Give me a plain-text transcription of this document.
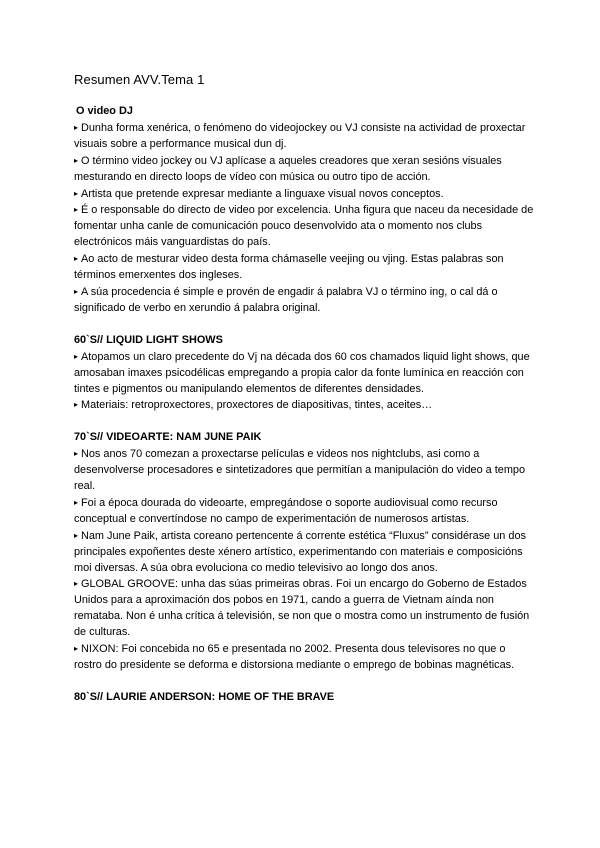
Resumen AVV.Tema 1
O video DJ
▸ Dunha forma xenérica, o fenómeno do videojockey ou VJ consiste na actividad de proxectar visuais sobre a performance musical dun dj.
▸ O término video jockey ou VJ aplícase a aqueles creadores que xeran sesións visuales mesturando en directo loops de vídeo con música ou outro tipo de acción.
▸ Artista que pretende expresar mediante a linguaxe visual novos conceptos.
▸ É o responsable do directo de video por excelencia. Unha figura que naceu da necesidade de fomentar unha canle de comunicación pouco desenvolvido ata o momento nos clubs electrónicos máis vanguardistas do país.
▸ Ao acto de mesturar video desta forma chámaselle veejing ou vjing. Estas palabras son términos emerxentes dos ingleses.
▸ A súa procedencia é simple e provén de engadir á palabra VJ o término ing, o cal dá o significado de verbo en xerundio á palabra original.
60`S// LIQUID LIGHT SHOWS
▸ Atopamos un claro precedente do Vj na década dos 60 cos chamados liquid light shows, que amosaban imaxes psicodélicas empregando a propia calor da fonte lumínica en reacción con tintes e pigmentos ou manipulando elementos de diferentes densidades.
▸ Materiais: retroproxectores, proxectores de diapositivas, tintes, aceites…
70`S// VIDEOARTE: NAM JUNE PAIK
▸ Nos anos 70 comezan a proxectarse películas e videos nos nightclubs, asi como a desenvolverse procesadores e sintetizadores que permitían a manipulación do video a tempo real.
▸ Foi a época dourada do videoarte, empregándose o soporte audiovisual como recurso conceptual e convertíndose no campo de experimentación de numerosos artistas.
▸ Nam June Paik, artista coreano pertencente á corrente estética “Fluxus” considérase un dos principales expoñentes deste xénero artístico, experimentando con materiais e composicións moi diversas. A súa obra evoluciona co medio televisivo ao longo dos anos.
▸ GLOBAL GROOVE: unha das súas primeiras obras. Foi un encargo do Goberno de Estados Unidos para a aproximación dos pobos en 1971, cando a guerra de Vietnam aínda non remataba. Non é unha crítica á televisión, se non que o mostra como un instrumento de fusión de culturas.
▸ NIXON: Foi concebida no 65 e presentada no 2002. Presenta dous televisores no que o rostro do presidente se deforma e distorsiona mediante o emprego de bobinas magnéticas.
80`S// LAURIE ANDERSON: HOME OF THE BRAVE
